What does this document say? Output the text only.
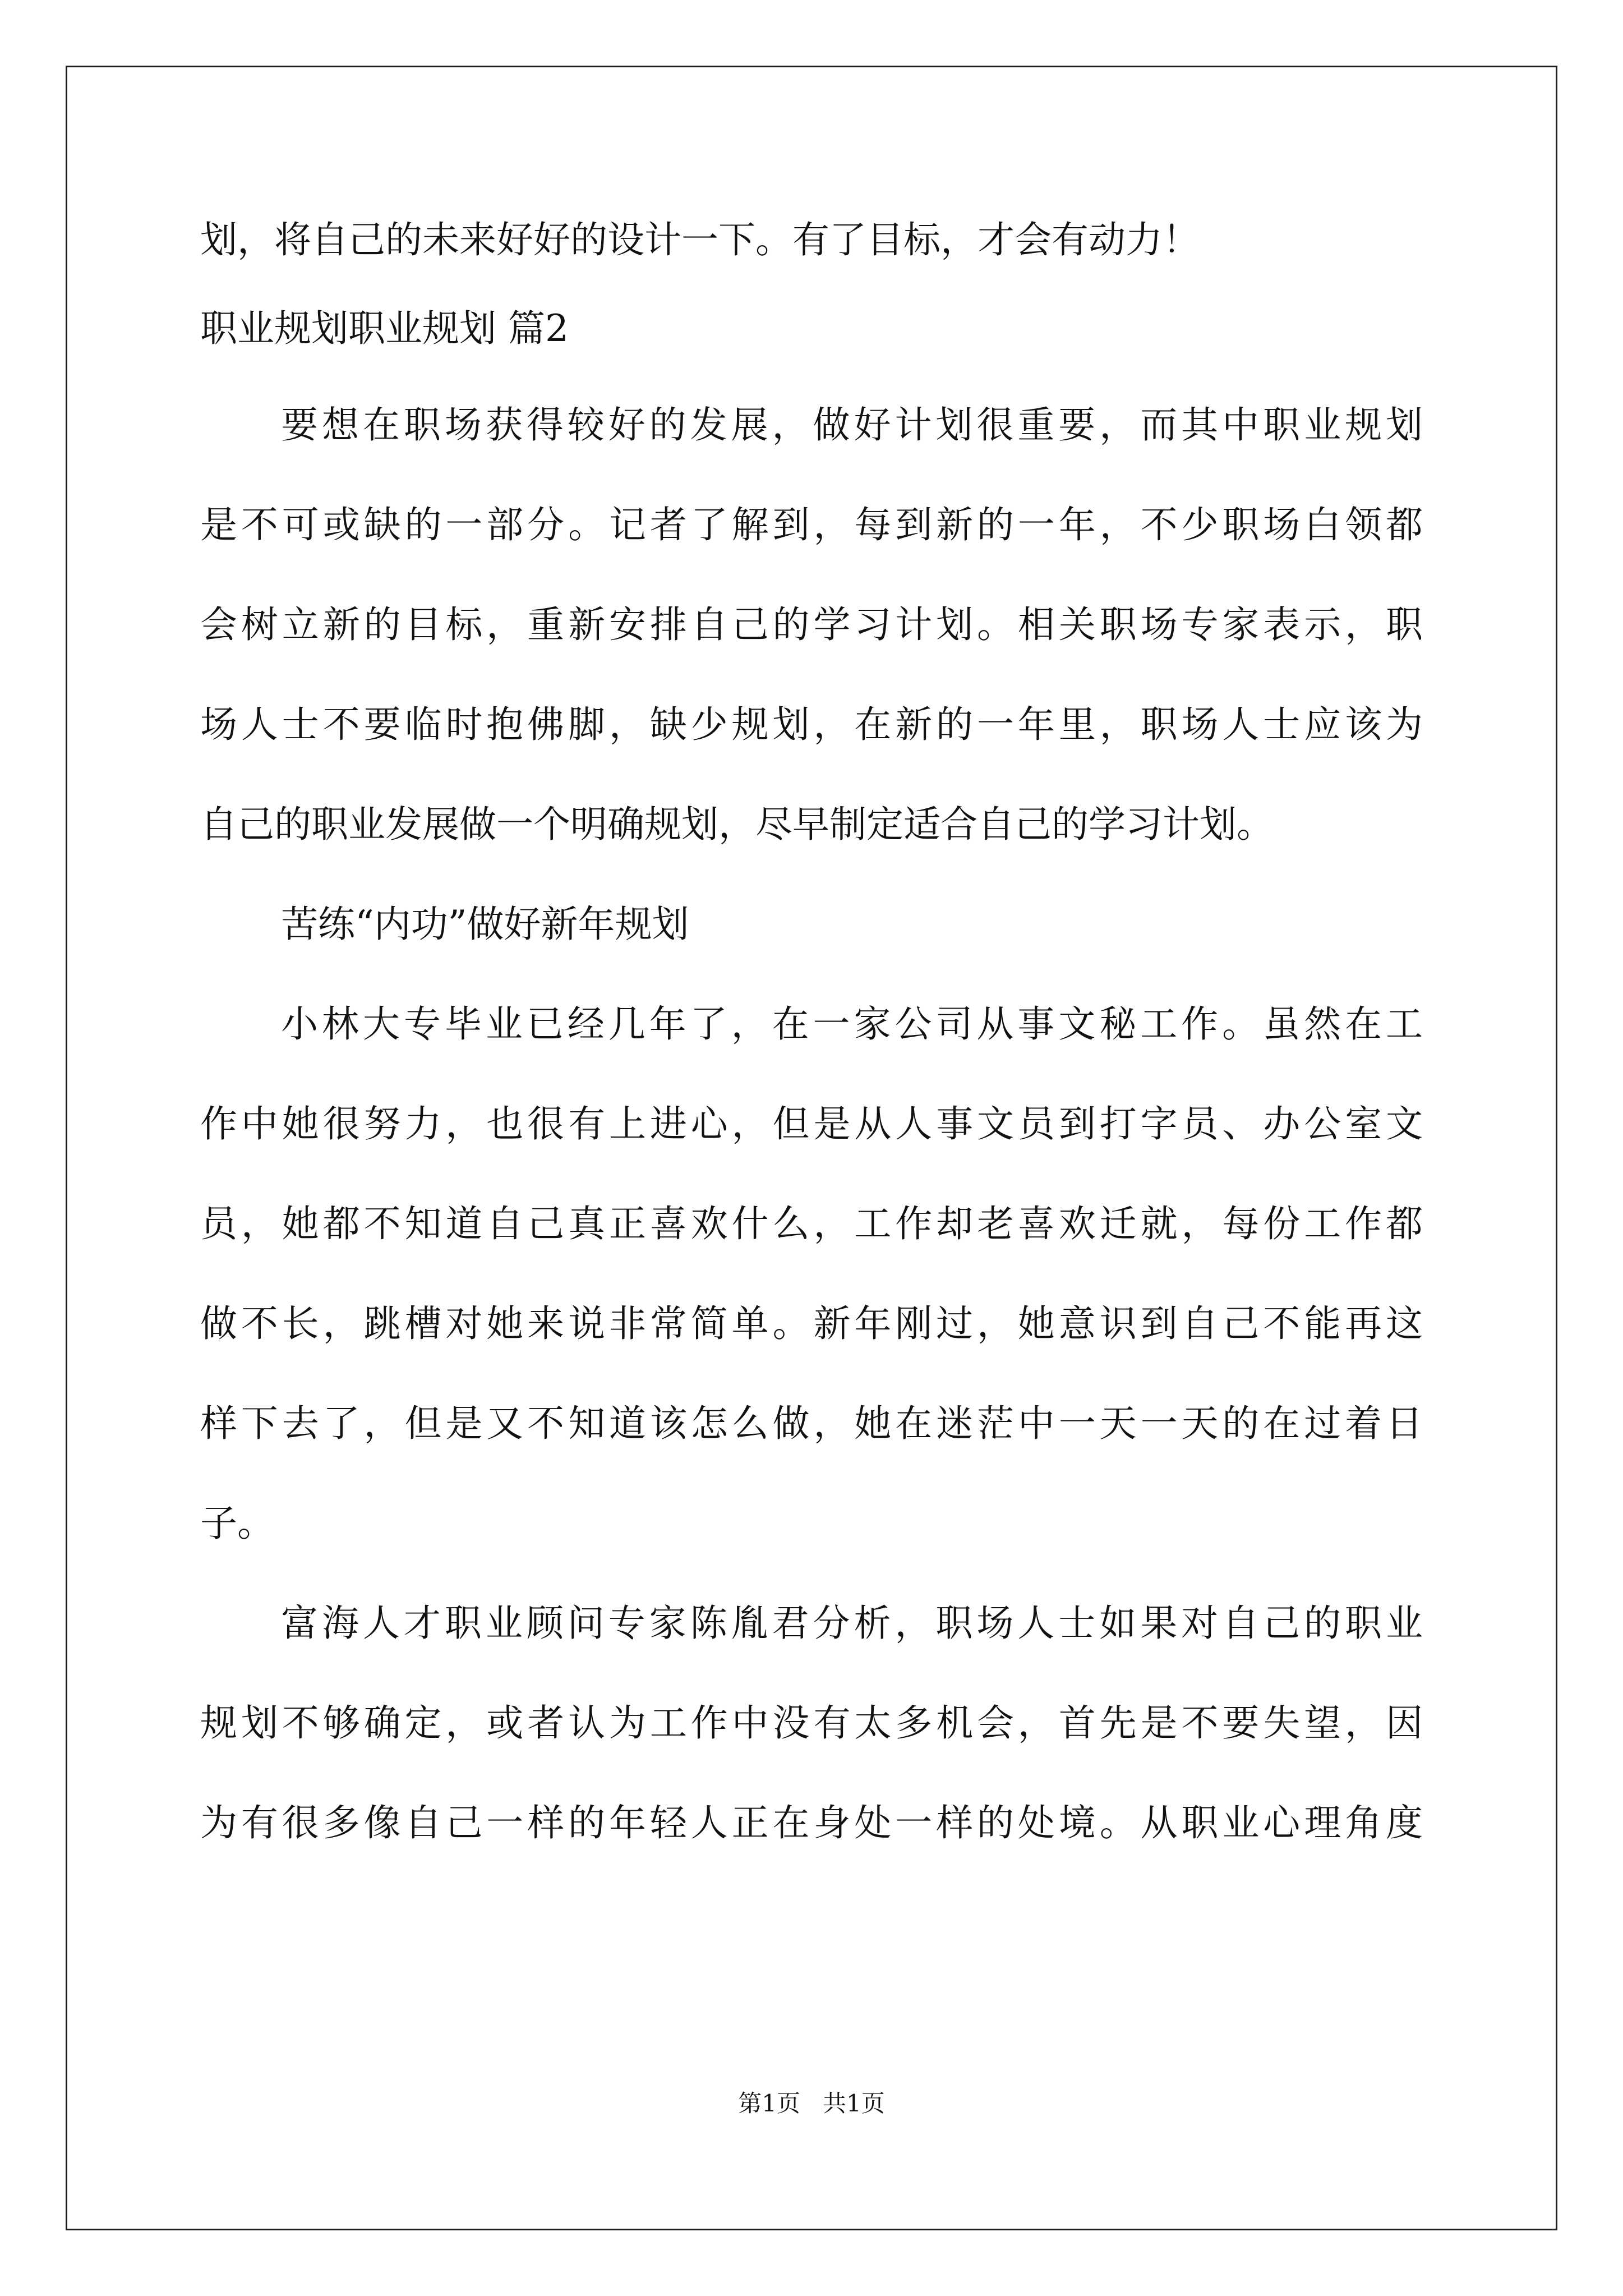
划，将自己的未来好好的设计一下。有了目标，才会有动力！
职业规划职业规划 篇2
要想在职场获得较好的发展，做好计划很重要，而其中职业规划
是不可或缺的一部分。记者了解到，每到新的一年，不少职场白领都
会树立新的目标，重新安排自己的学习计划。相关职场专家表示，职
场人士不要临时抱佛脚，缺少规划，在新的一年里，职场人士应该为
自己的职业发展做一个明确规划，尽早制定适合自己的学习计划。
苦练“内功”做好新年规划
小林大专毕业已经几年了，在一家公司从事文秘工作。虽然在工
作中她很努力，也很有上进心，但是从人事文员到打字员、办公室文
员，她都不知道自己真正喜欢什么，工作却老喜欢迁就，每份工作都
做不长，跳槽对她来说非常简单。新年刚过，她意识到自己不能再这
样下去了，但是又不知道该怎么做，她在迷茫中一天一天的在过着日
子。
富海人才职业顾问专家陈胤君分析，职场人士如果对自己的职业
规划不够确定，或者认为工作中没有太多机会，首先是不要失望，因
为有很多像自己一样的年轻人正在身处一样的处境。从职业心理角度
第1页   共1页
